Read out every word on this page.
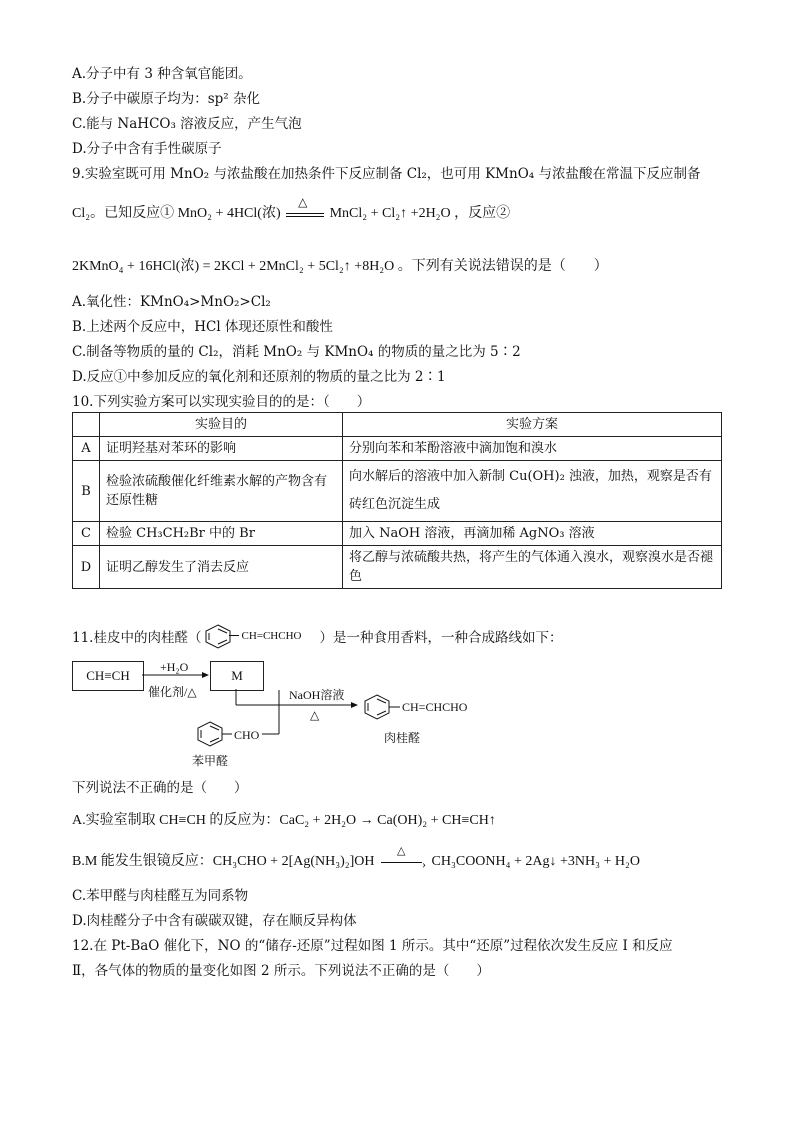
A.分子中有 3 种含氧官能团。
B.分子中碳原子均为：sp² 杂化
C.能与 NaHCO₃ 溶液反应，产生气泡
D.分子中含有手性碳原子
9.实验室既可用 MnO₂ 与浓盐酸在加热条件下反应制备 Cl₂，也可用 KMnO₄ 与浓盐酸在常温下反应制备
Cl₂。已知反应① MnO₂ + 4HCl(浓)
△
MnCl₂ + Cl₂↑ +2H₂O ，反应②
2KMnO₄ + 16HCl(浓) = 2KCl + 2MnCl₂ + 5Cl₂↑ +8H₂O 。下列有关说法错误的是（　　）
A.氧化性：KMnO₄>MnO₂>Cl₂
B.上述两个反应中，HCl 体现还原性和酸性
C.制备等物质的量的 Cl₂，消耗 MnO₂ 与 KMnO₄ 的物质的量之比为 5∶2
D.反应①中参加反应的氧化剂和还原剂的物质的量之比为 2∶1
10.下列实验方案可以实现实验目的的是：（　　）
	实验目的	实验方案
A	证明羟基对苯环的影响	分别向苯和苯酚溶液中滴加饱和溴水
B	检验浓硫酸催化纤维素水解的产物含有还原性糖	向水解后的溶液中加入新制 Cu(OH)₂ 浊液，加热，观察是否有砖红色沉淀生成
C	检验 CH₃CH₂Br 中的 Br	加入 NaOH 溶液，再滴加稀 AgNO₃ 溶液
D	证明乙醇发生了消去反应	将乙醇与浓硫酸共热，将产生的气体通入溴水，观察溴水是否褪色
11.桂皮中的肉桂醛（	CH=CHCHO ）是一种食用香料，一种合成路线如下：
CH≡CH
+H₂O
催化剂/△
M
NaOH溶液
△
CHO
苯甲醛
CH=CHCHO
肉桂醛
下列说法不正确的是（　　）
A.实验室制取 CH≡CH 的反应为：CaC₂ + 2H₂O → Ca(OH)₂ + CH≡CH↑
B.M 能发生银镜反应：CH₃CHO + 2[Ag(NH₃)₂]OH
△
› CH₃COONH₄ + 2Ag↓ +3NH₃ + H₂O
C.苯甲醛与肉桂醛互为同系物
D.肉桂醛分子中含有碳碳双键，存在顺反异构体
12.在 Pt-BaO 催化下，NO 的“储存-还原”过程如图 1 所示。其中“还原”过程依次发生反应 I 和反应
Ⅱ，各气体的物质的量变化如图 2 所示。下列说法不正确的是（　　）
